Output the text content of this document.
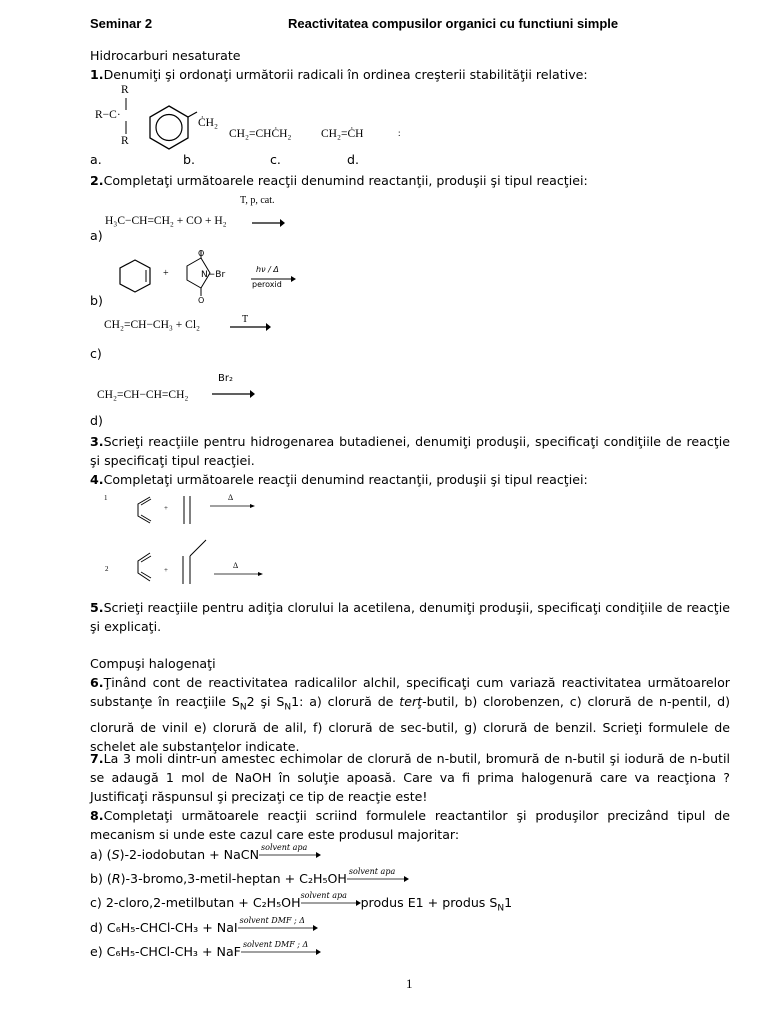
Seminar 2	Reactivitatea compusilor organici cu functiuni simple
Hidrocarburi nesaturate
1.Denumiţi şi ordonaţi următorii radicali în ordinea creşterii stabilităţii relative:
R
R−C·
R
ĊH₂
CH₂=CHĊH₂	CH₂=ĊH	:
a.	b.	c.	d.
2.Completaţi următoarele reacţii denumind reactanţii, produşii şi tipul reacţiei:
T, p, cat.
H₃C−CH=CH₂ + CO + H₂
a)
+
O
O
N−Br
hν / Δ
peroxid
b)
T
CH₂=CH−CH₃ + Cl₂
c)
Br₂
CH₂=CH−CH=CH₂
d)
3.Scrieţi reacţiile pentru hidrogenarea butadienei, denumiţi produşii, specificaţi condiţiile de reacţie şi specificaţi tipul reacţiei.
4.Completaţi următoarele reacţii denumind reactanţii, produşii şi tipul reacţiei:
1
+
Δ
2	+	Δ
5.Scrieţi reacţiile pentru adiţia clorului la acetilena, denumiţi produşii, specificaţi condiţiile de reacţie şi explicaţi.
Compuşi halogenaţi
6.Ţinând cont de reactivitatea radicalilor alchil, specificaţi cum variază reactivitatea următoarelor substanţe în reacţiile $S_N2$ şi $S_N1$: a) clorură de terţ-butil, b) clorobenzen, c) clorură de n-pentil, d) clorură de vinil e) clorură de alil, f) clorură de sec-butil, g) clorură de benzil. Scrieţi formulele de schelet ale substanţelor indicate.
7.La 3 moli dintr-un amestec echimolar de clorură de n-butil, bromură de n-butil şi iodură de n-butil se adaugă 1 mol de NaOH în soluţie apoasă. Care va fi prima halogenură care va reacţiona ? Justificaţi răspunsul şi precizaţi ce tip de reacţie este!
8.Completaţi următoarele reacţii scriind formulele reactantilor şi produşilor precizând tipul de mecanism si unde este cazul care este produsul majoritar:
a) (S)-2-iodobutan + NaCN solvent apa
b) (R)-3-bromo,3-metil-heptan + C₂H₅OH solvent apa
c) 2-cloro,2-metilbutan + C₂H₅OH solvent apa produs E1 + produs $S_N1$
d) C₆H₅-CHCl-CH₃ + NaI solvent DMF ; Δ
e) C₆H₅-CHCl-CH₃ + NaF solvent DMF ; Δ
1
